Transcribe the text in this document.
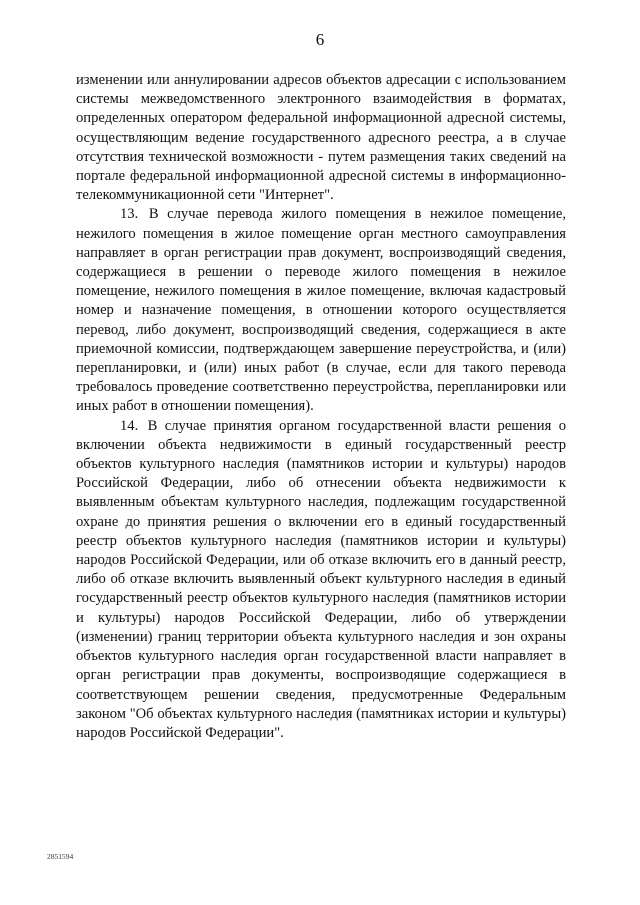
6

изменении или аннулировании адресов объектов адресации с использованием системы межведомственного электронного взаимодействия в форматах, определенных оператором федеральной информационной адресной системы, осуществляющим ведение государственного адресного реестра, а в случае отсутствия технической возможности - путем размещения таких сведений на портале федеральной информационной адресной системы в информационно-телекоммуникационной сети "Интернет".

13. В случае перевода жилого помещения в нежилое помещение, нежилого помещения в жилое помещение орган местного самоуправления направляет в орган регистрации прав документ, воспроизводящий сведения, содержащиеся в решении о переводе жилого помещения в нежилое помещение, нежилого помещения в жилое помещение, включая кадастровый номер и назначение помещения, в отношении которого осуществляется перевод, либо документ, воспроизводящий сведения, содержащиеся в акте приемочной комиссии, подтверждающем завершение переустройства, и (или) перепланировки, и (или) иных работ (в случае, если для такого перевода требовалось проведение соответственно переустройства, перепланировки или иных работ в отношении помещения).

14. В случае принятия органом государственной власти решения о включении объекта недвижимости в единый государственный реестр объектов культурного наследия (памятников истории и культуры) народов Российской Федерации, либо об отнесении объекта недвижимости к выявленным объектам культурного наследия, подлежащим государственной охране до принятия решения о включении его в единый государственный реестр объектов культурного наследия (памятников истории и культуры) народов Российской Федерации, или об отказе включить его в данный реестр, либо об отказе включить выявленный объект культурного наследия в единый государственный реестр объектов культурного наследия (памятников истории и культуры) народов Российской Федерации, либо об утверждении (изменении) границ территории объекта культурного наследия и зон охраны объектов культурного наследия орган государственной власти направляет в орган регистрации прав документы, воспроизводящие содержащиеся в соответствующем решении сведения, предусмотренные Федеральным законом "Об объектах культурного наследия (памятниках истории и культуры) народов Российской Федерации".

2851594
